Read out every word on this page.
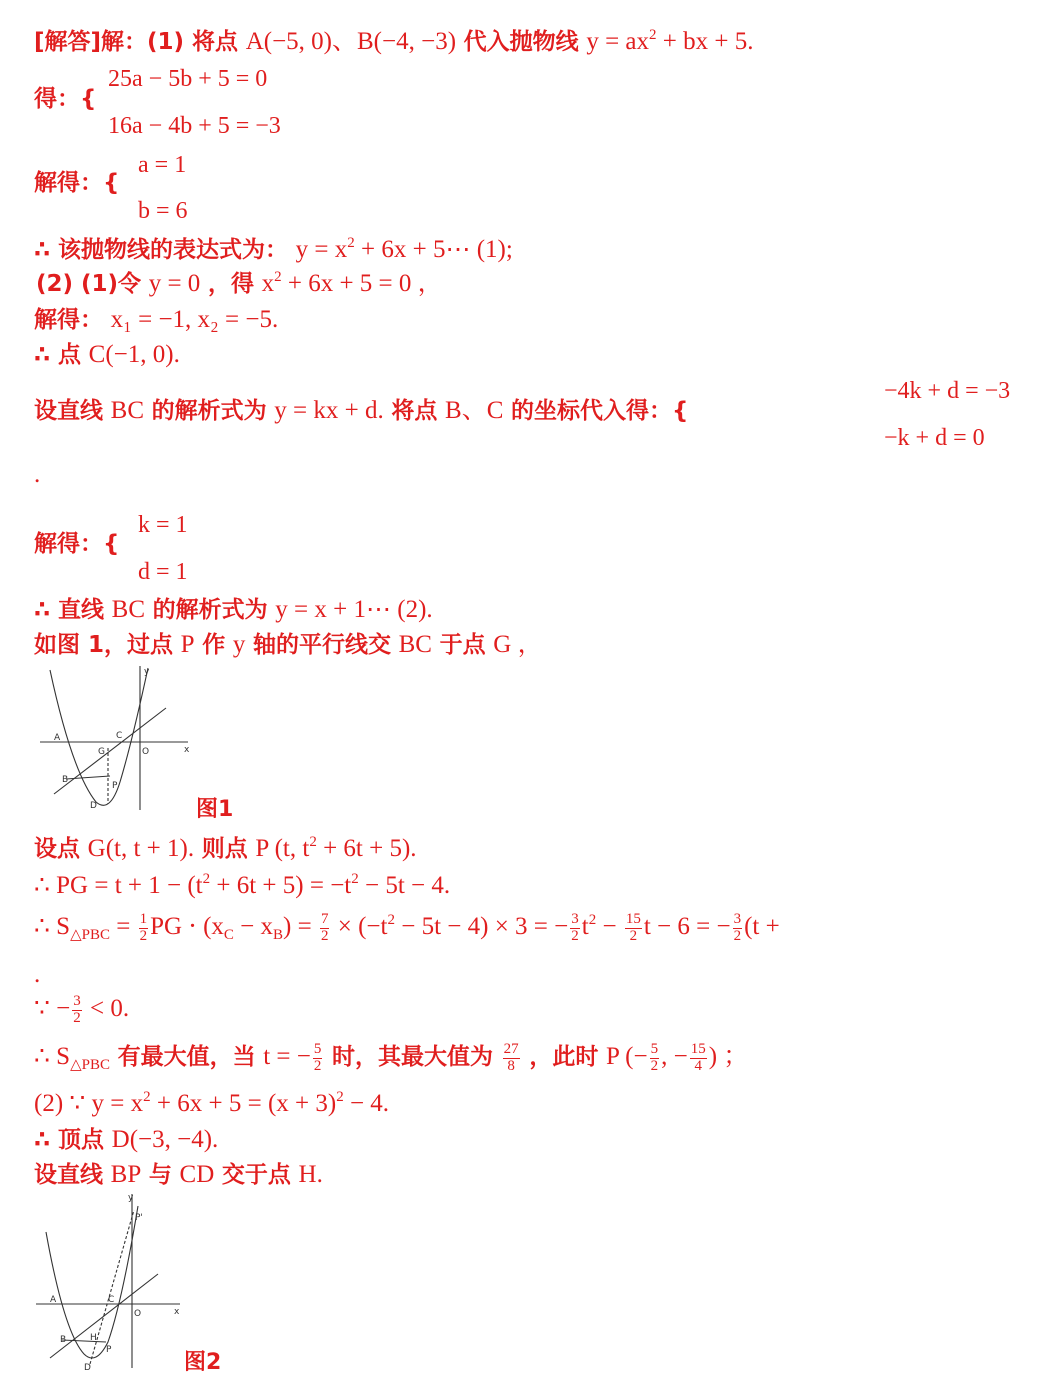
[解答]解：(1) 将点 A(−5, 0)、B(−4, −3) 代入抛物线 $y = ax^2$ + bx + 5.
得：{
25a − 5b + 5 = 0
16a − 4b + 5 = −3
解得：{
a = 1
b = 6
∴ 该抛物线的表达式为： $y = x^2 + 6x$ + 5⋯ (1);
(2) (1)令 y = 0 ，得 $x^2 + 6x + 5 = 0$ ，
解得： x₁ = −1, x₂ = −5.
∴ 点 C(−1, 0).
设直线 BC 的解析式为 y = kx + d. 将点 B、C 的坐标代入得：{
−4k + d = −3
−k + d = 0
.
解得：{
k = 1
d = 1
∴ 直线 BC 的解析式为 y = x + 1⋯ (2).
如图 1，过点 P 作 y 轴的平行线交 BC 于点 G ，
A
G
C
O
B
P
D
x
y
图1
设点 G(t, t + 1). 则点 P (t, $t^2 + 6t + 5$).
∴ PG = $t + 1 - (t^2 + 6t + 5) = -t^2 - 5t - 4$.
∴ $S_{\triangle PBC} = \frac{1}{2}$ PG ⋅ $(x_C - x_B) = \frac{7}{2} \times (-t^2 - 5t - 4) \times 3$ = − $\frac{3}{2} t^2 - \frac{15}{2}$ t − 6 = − $\frac{3}{2} (t$ +
.
∵ − $\frac{3}{2} < 0$.
∴ $S_{\triangle PBC}$ 有最大值，当 t = − $\frac{5}{2}$ 时，其最大值为 $\frac{27}{8}$ ，此时 P (− $\frac{5}{2}$ , − $\frac{15}{4}$ ) ；
(2) ∵ $y = x^2 + 6x + 5 = (x + 3)^2 - 4$.
∴ 顶点 D(−3, −4).
设直线 BP 与 CD 交于点 H.
A	C
O
B	H
P
D
P'
x
y
图2
